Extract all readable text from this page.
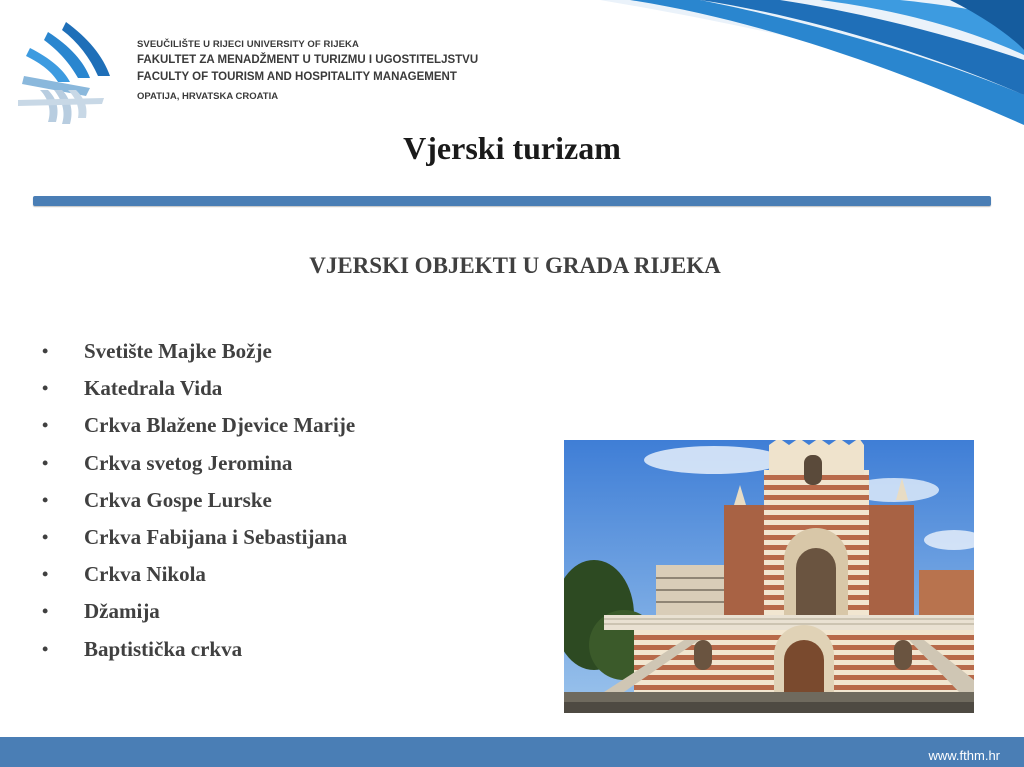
SVEUČILIŠTE U RIJECI UNIVERSITY OF RIJEKA
FAKULTET ZA MENADŽMENT U TURIZMU I UGOSTITELJSTVU
FACULTY OF TOURISM AND HOSPITALITY MANAGEMENT
OPATIJA, HRVATSKA CROATIA
Vjerski turizam
VJERSKI OBJEKTI U GRADA RIJEKA
•	Svetište Majke Božje
•	Katedrala Vida
•	Crkva Blažene Djevice Marije
•	Crkva svetog Jeromina
•	Crkva Gospe Lurske
•	Crkva Fabijana i Sebastijana
•	Crkva Nikola
•	Džamija
•	Baptistička crkva
www.fthm.hr
